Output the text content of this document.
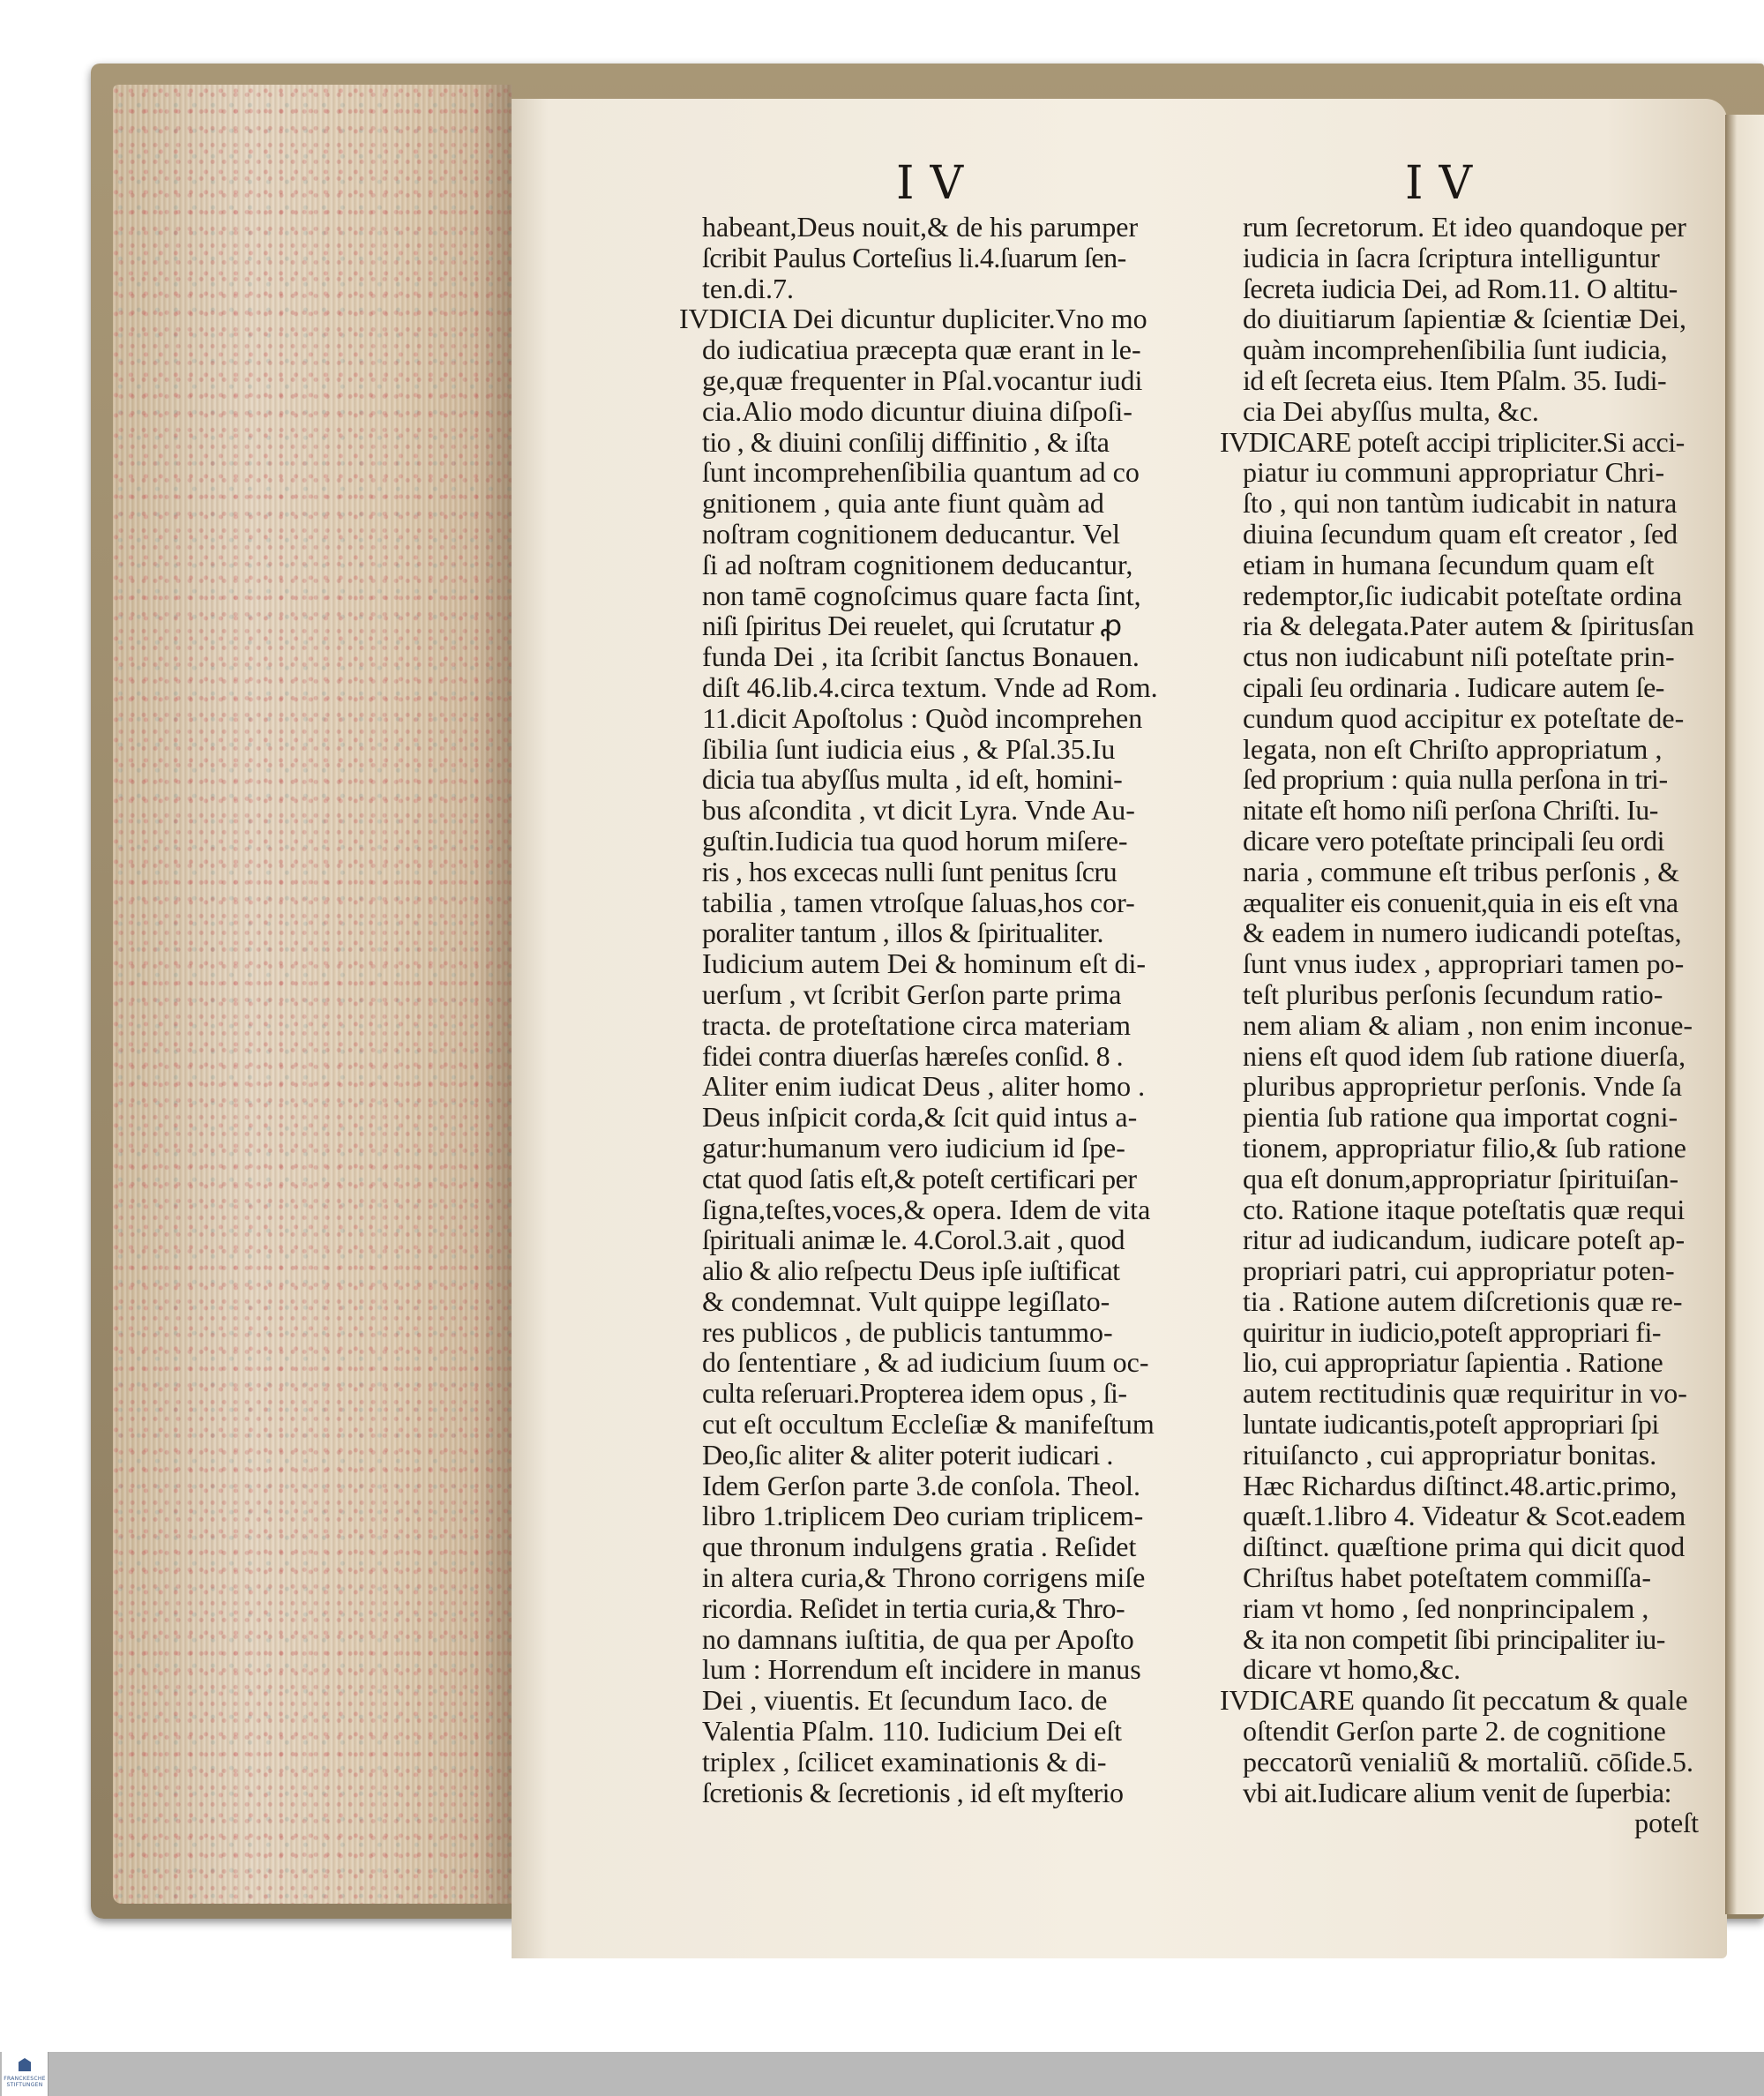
IV	IV
habeant,Deus nouit,& de his parumper
ſcribit Paulus Corteſius li.4.ſuarum ſen-
ten.di.7.
IVDICIA Dei dicuntur dupliciter.Vno mo
do iudicatiua præcepta quæ erant in le-
ge,quæ frequenter in Pſal.vocantur iudi
cia.Alio modo dicuntur diuina diſpoſi-
tio , & diuini conſilij diffinitio , & iſta
ſunt incomprehenſibilia quantum ad co
gnitionem , quia ante fiunt quàm ad
noſtram cognitionem deducantur. Vel
ſi ad noſtram cognitionem deducantur,
non tamē cognoſcimus quare facta ſint,
niſi ſpiritus Dei reuelet, qui ſcrutatur ꝓ
funda Dei , ita ſcribit ſanctus Bonauen.
diſt 46.lib.4.circa textum. Vnde ad Rom.
11.dicit Apoſtolus : Quòd incomprehen
ſibilia ſunt iudicia eius , & Pſal.35.Iu
dicia tua abyſſus multa , id eſt, homini-
bus aſcondita , vt dicit Lyra. Vnde Au-
guſtin.Iudicia tua quod horum miſere-
ris , hos excecas nulli ſunt penitus ſcru
tabilia , tamen vtroſque ſaluas,hos cor-
poraliter tantum , illos & ſpiritualiter.
Iudicium autem Dei & hominum eſt di-
uerſum , vt ſcribit Gerſon parte prima
tracta. de proteſtatione circa materiam
fidei contra diuerſas hæreſes conſid. 8 .
Aliter enim iudicat Deus , aliter homo .
Deus inſpicit corda,& ſcit quid intus a-
gatur:humanum vero iudicium id ſpe-
ctat quod ſatis eſt,& poteſt certificari per
ſigna,teſtes,voces,& opera. Idem de vita
ſpirituali animæ le. 4.Corol.3.ait , quod
alio & alio reſpectu Deus ipſe iuſtificat
& condemnat. Vult quippe legiſlato-
res publicos , de publicis tantummo-
do ſententiare , & ad iudicium ſuum oc-
culta reſeruari.Propterea idem opus , ſi-
cut eſt occultum Eccleſiæ & manifeſtum
Deo,ſic aliter & aliter poterit iudicari .
Idem Gerſon parte 3.de conſola. Theol.
libro 1.triplicem Deo curiam triplicem-
que thronum indulgens gratia . Reſidet
in altera curia,& Throno corrigens miſe
ricordia. Reſidet in tertia curia,& Thro-
no damnans iuſtitia, de qua per Apoſto
lum : Horrendum eſt incidere in manus
Dei , viuentis. Et ſecundum Iaco. de
Valentia Pſalm. 110. Iudicium Dei eſt
triplex , ſcilicet examinationis & di-
ſcretionis & ſecretionis , id eſt myſterio
rum ſecretorum. Et ideo quandoque per
iudicia in ſacra ſcriptura intelliguntur
ſecreta iudicia Dei, ad Rom.11. O altitu-
do diuitiarum ſapientiæ & ſcientiæ Dei,
quàm incomprehenſibilia ſunt iudicia,
id eſt ſecreta eius. Item Pſalm. 35. Iudi-
cia Dei abyſſus multa, &c.
IVDICARE poteſt accipi tripliciter.Si acci-
piatur iu communi appropriatur Chri-
ſto , qui non tantùm iudicabit in natura
diuina ſecundum quam eſt creator , ſed
etiam in humana ſecundum quam eſt
redemptor,ſic iudicabit poteſtate ordina
ria & delegata.Pater autem & ſpiritusſan
ctus non iudicabunt niſi poteſtate prin-
cipali ſeu ordinaria . Iudicare autem ſe-
cundum quod accipitur ex poteſtate de-
legata, non eſt Chriſto appropriatum ,
ſed proprium : quia nulla perſona in tri-
nitate eſt homo niſi perſona Chriſti. Iu-
dicare vero poteſtate principali ſeu ordi
naria , commune eſt tribus perſonis , &
æqualiter eis conuenit,quia in eis eſt vna
& eadem in numero iudicandi poteſtas,
ſunt vnus iudex , appropriari tamen po-
teſt pluribus perſonis ſecundum ratio-
nem aliam & aliam , non enim inconue-
niens eſt quod idem ſub ratione diuerſa,
pluribus approprietur perſonis. Vnde ſa
pientia ſub ratione qua importat cogni-
tionem, appropriatur filio,& ſub ratione
qua eſt donum,appropriatur ſpirituiſan-
cto. Ratione itaque poteſtatis quæ requi
ritur ad iudicandum, iudicare poteſt ap-
propriari patri, cui appropriatur poten-
tia . Ratione autem diſcretionis quæ re-
quiritur in iudicio,poteſt appropriari fi-
lio, cui appropriatur ſapientia . Ratione
autem rectitudinis quæ requiritur in vo-
luntate iudicantis,poteſt appropriari ſpi
rituiſancto , cui appropriatur bonitas.
Hæc Richardus diſtinct.48.artic.primo,
quæſt.1.libro 4. Videatur & Scot.eadem
diſtinct. quæſtione prima qui dicit quod
Chriſtus habet poteſtatem commiſſa-
riam vt homo , ſed nonprincipalem ,
& ita non competit ſibi principaliter iu-
dicare vt homo,&c.
IVDICARE quando ſit peccatum & quale
oſtendit Gerſon parte 2. de cognitione
peccatorũ venialiũ & mortaliũ. cōſide.5.
vbi ait.Iudicare alium venit de ſuperbia:
poteſt
FRANCKESCHE STIFTUNGEN
